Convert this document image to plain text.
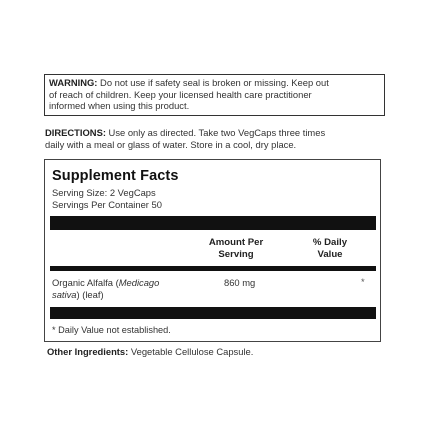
WARNING: Do not use if safety seal is broken or missing. Keep out
of reach of children. Keep your licensed health care practitioner
informed when using this product.
DIRECTIONS: Use only as directed. Take two VegCaps three times
daily with a meal or glass of water. Store in a cool, dry place.
Supplement Facts
Serving Size: 2 VegCaps
Servings Per Container 50
Amount Per
Serving
% Daily
Value
Organic Alfalfa (Medicago
sativa) (leaf)
860 mg	*
* Daily Value not established.
Other Ingredients: Vegetable Cellulose Capsule.
